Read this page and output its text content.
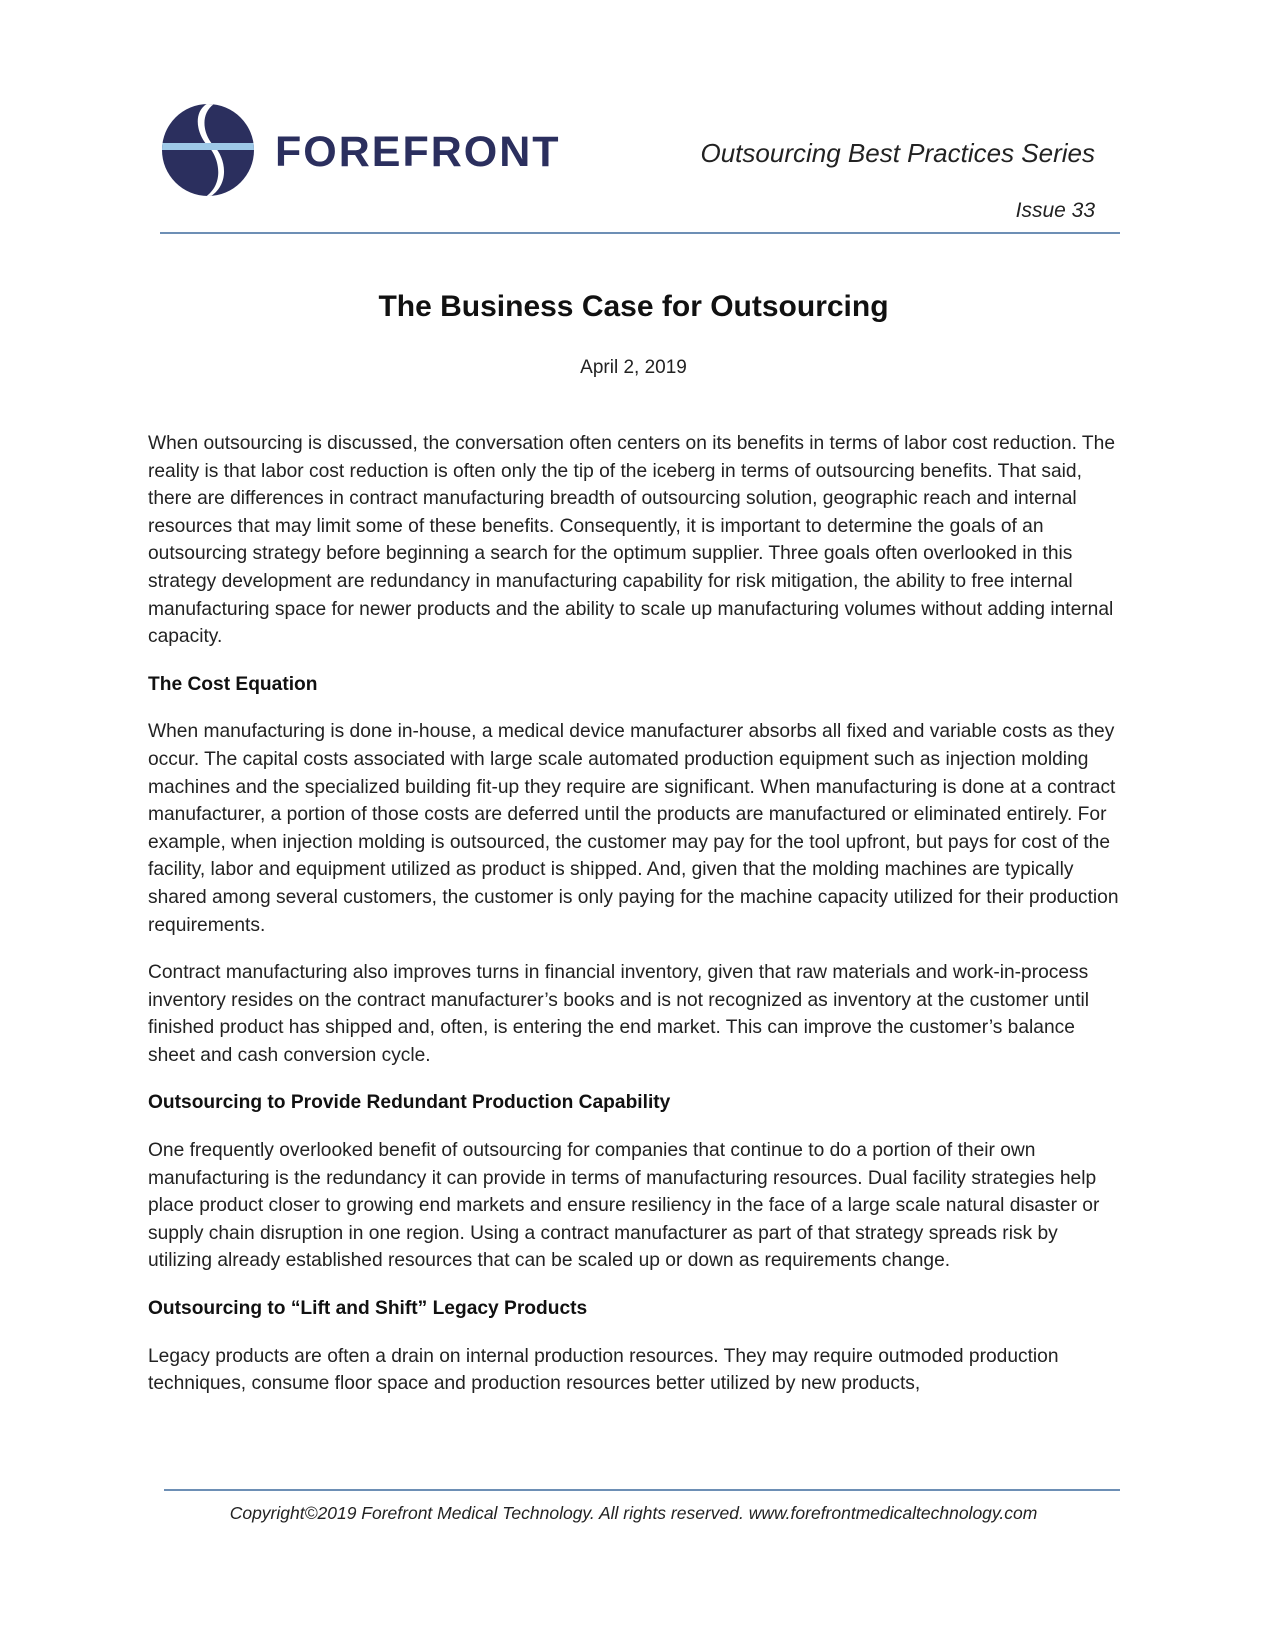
FOREFRONT	Outsourcing Best Practices Series
Issue 33
The Business Case for Outsourcing
April 2, 2019

When outsourcing is discussed, the conversation often centers on its benefits in terms of labor cost reduction. The reality is that labor cost reduction is often only the tip of the iceberg in terms of outsourcing benefits. That said, there are differences in contract manufacturing breadth of outsourcing solution, geographic reach and internal resources that may limit some of these benefits. Consequently, it is important to determine the goals of an outsourcing strategy before beginning a search for the optimum supplier. Three goals often overlooked in this strategy development are redundancy in manufacturing capability for risk mitigation, the ability to free internal manufacturing space for newer products and the ability to scale up manufacturing volumes without adding internal capacity.

The Cost Equation

When manufacturing is done in-house, a medical device manufacturer absorbs all fixed and variable costs as they occur. The capital costs associated with large scale automated production equipment such as injection molding machines and the specialized building fit-up they require are significant. When manufacturing is done at a contract manufacturer, a portion of those costs are deferred until the products are manufactured or eliminated entirely. For example, when injection molding is outsourced, the customer may pay for the tool upfront, but pays for cost of the facility, labor and equipment utilized as product is shipped. And, given that the molding machines are typically shared among several customers, the customer is only paying for the machine capacity utilized for their production requirements.

Contract manufacturing also improves turns in financial inventory, given that raw materials and work-in-process inventory resides on the contract manufacturer’s books and is not recognized as inventory at the customer until finished product has shipped and, often, is entering the end market. This can improve the customer’s balance sheet and cash conversion cycle.

Outsourcing to Provide Redundant Production Capability

One frequently overlooked benefit of outsourcing for companies that continue to do a portion of their own manufacturing is the redundancy it can provide in terms of manufacturing resources. Dual facility strategies help place product closer to growing end markets and ensure resiliency in the face of a large scale natural disaster or supply chain disruption in one region. Using a contract manufacturer as part of that strategy spreads risk by utilizing already established resources that can be scaled up or down as requirements change.

Outsourcing to “Lift and Shift” Legacy Products

Legacy products are often a drain on internal production resources. They may require outmoded production techniques, consume floor space and production resources better utilized by new products,

Copyright©2019 Forefront Medical Technology. All rights reserved. www.forefrontmedicaltechnology.com
